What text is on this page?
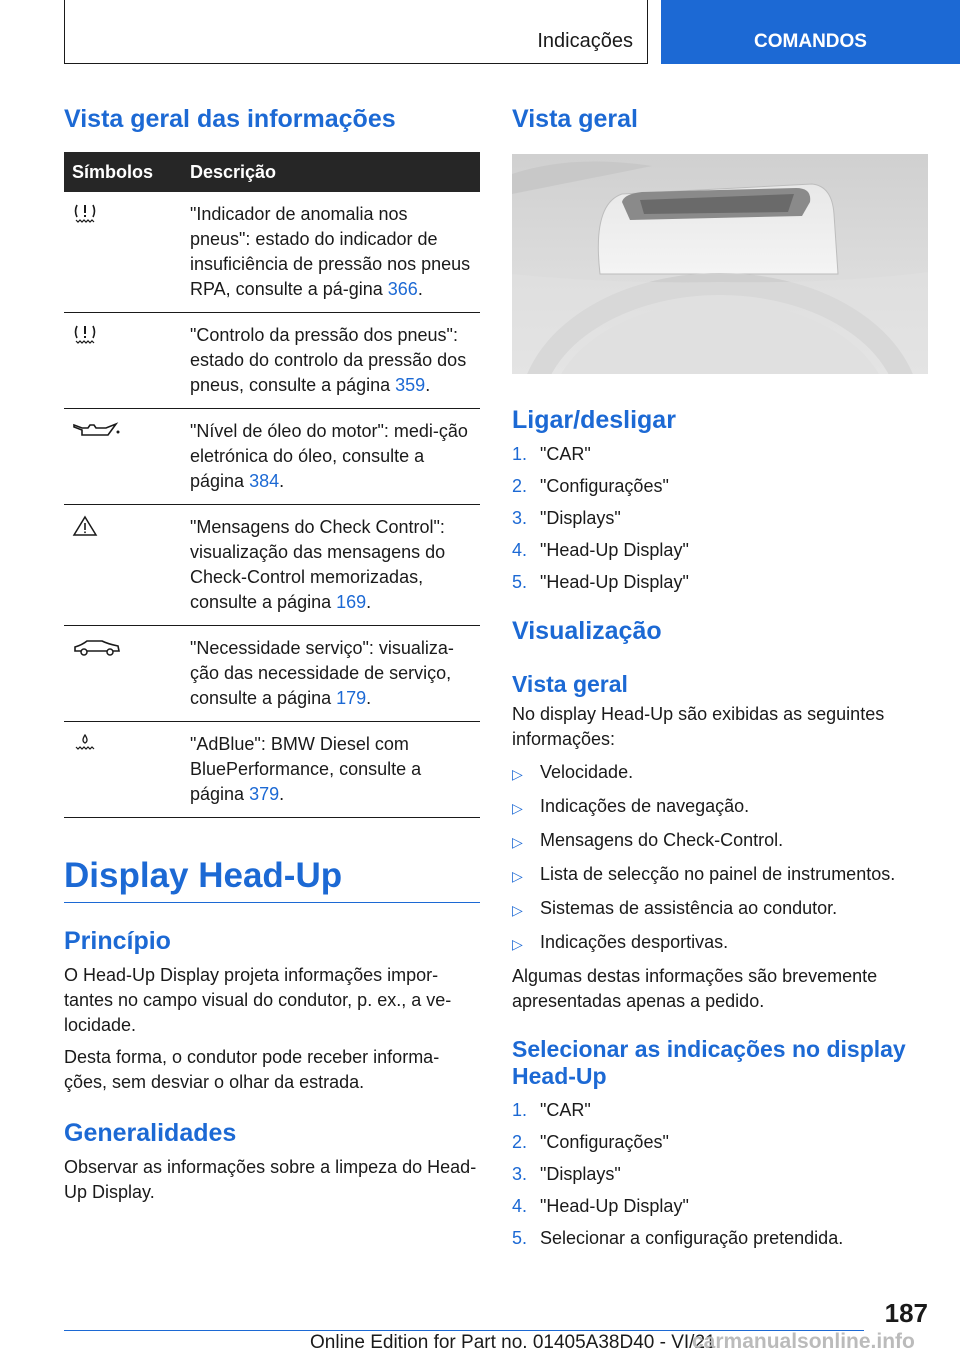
Indicações	COMANDOS
Vista geral das informações
Símbolos	Descrição
	"Indicador de anomalia nos pneus": estado do indicador de insuficiência de pressão nos pneus RPA, consulte a pá-gina 366.
	"Controlo da pressão dos pneus": estado do controlo da pressão dos pneus, consulte a página 359.
	"Nível de óleo do motor": medi-ção eletrónica do óleo, consulte a página 384.
	"Mensagens do Check Control": visualização das mensagens do Check-Control memorizadas, consulte a página 169.
	"Necessidade serviço": visualiza-ção das necessidade de serviço, consulte a página 179.
	"AdBlue": BMW Diesel com BluePerformance, consulte a página 379.
Display Head-Up
Princípio

O Head-Up Display projeta informações impor-tantes no campo visual do condutor, p. ex., a ve-locidade.

Desta forma, o condutor pode receber informa-ções, sem desviar o olhar da estrada.

Generalidades

Observar as informações sobre a limpeza do Head-Up Display.

Vista geral
Ligar/desligar
1. "CAR"
2. "Configurações"
3. "Displays"
4. "Head-Up Display"
5. "Head-Up Display"
Visualização
Vista geral

No display Head-Up são exibidas as seguintes informações:

▷ Velocidade.
▷ Indicações de navegação.
▷ Mensagens do Check-Control.
▷ Lista de selecção no painel de instrumentos.
▷ Sistemas de assistência ao condutor.
▷ Indicações desportivas.

Algumas destas informações são brevemente apresentadas apenas a pedido.

Selecionar as indicações no display Head-Up
1. "CAR"
2. "Configurações"
3. "Displays"
4. "Head-Up Display"
5. Selecionar a configuração pretendida.
187
Online Edition for Part no. 01405A38D40 - VI/21
carmanualsonline.info
